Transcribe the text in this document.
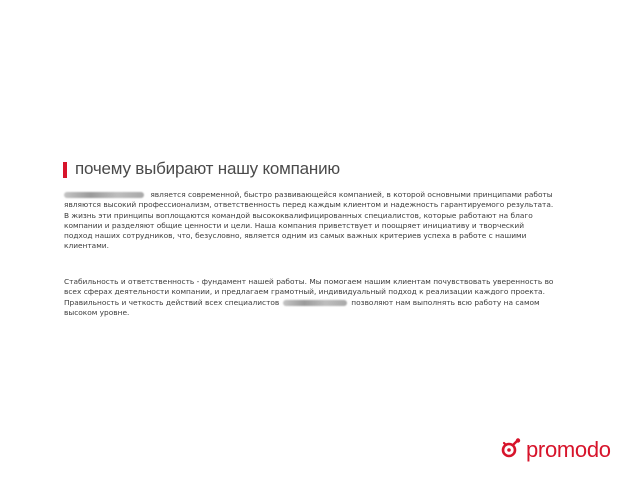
почему выбирают нашу компанию
является современной, быстро развивающейся компанией, в которой основными принципами работы являются высокий профессионализм, ответственность перед каждым клиентом и надежность гарантируемого результата. В жизнь эти принципы воплощаются командой высококвалифицированных специалистов, которые работают на благо компании и разделяют общие ценности и цели. Наша компания приветствует и поощряет инициативу и творческий подход наших сотрудников, что, безусловно, является одним из самых важных критериев успеха в работе с нашими клиентами.
Стабильность и ответственность - фундамент нашей работы. Мы помогаем нашим клиентам почувствовать уверенность во всех сферах деятельности компании, и предлагаем грамотный, индивидуальный подход к реализации каждого проекта. Правильность и четкость действий всех специалистов	позволяют нам выполнять всю работу на самом высоком уровне.
promodo
